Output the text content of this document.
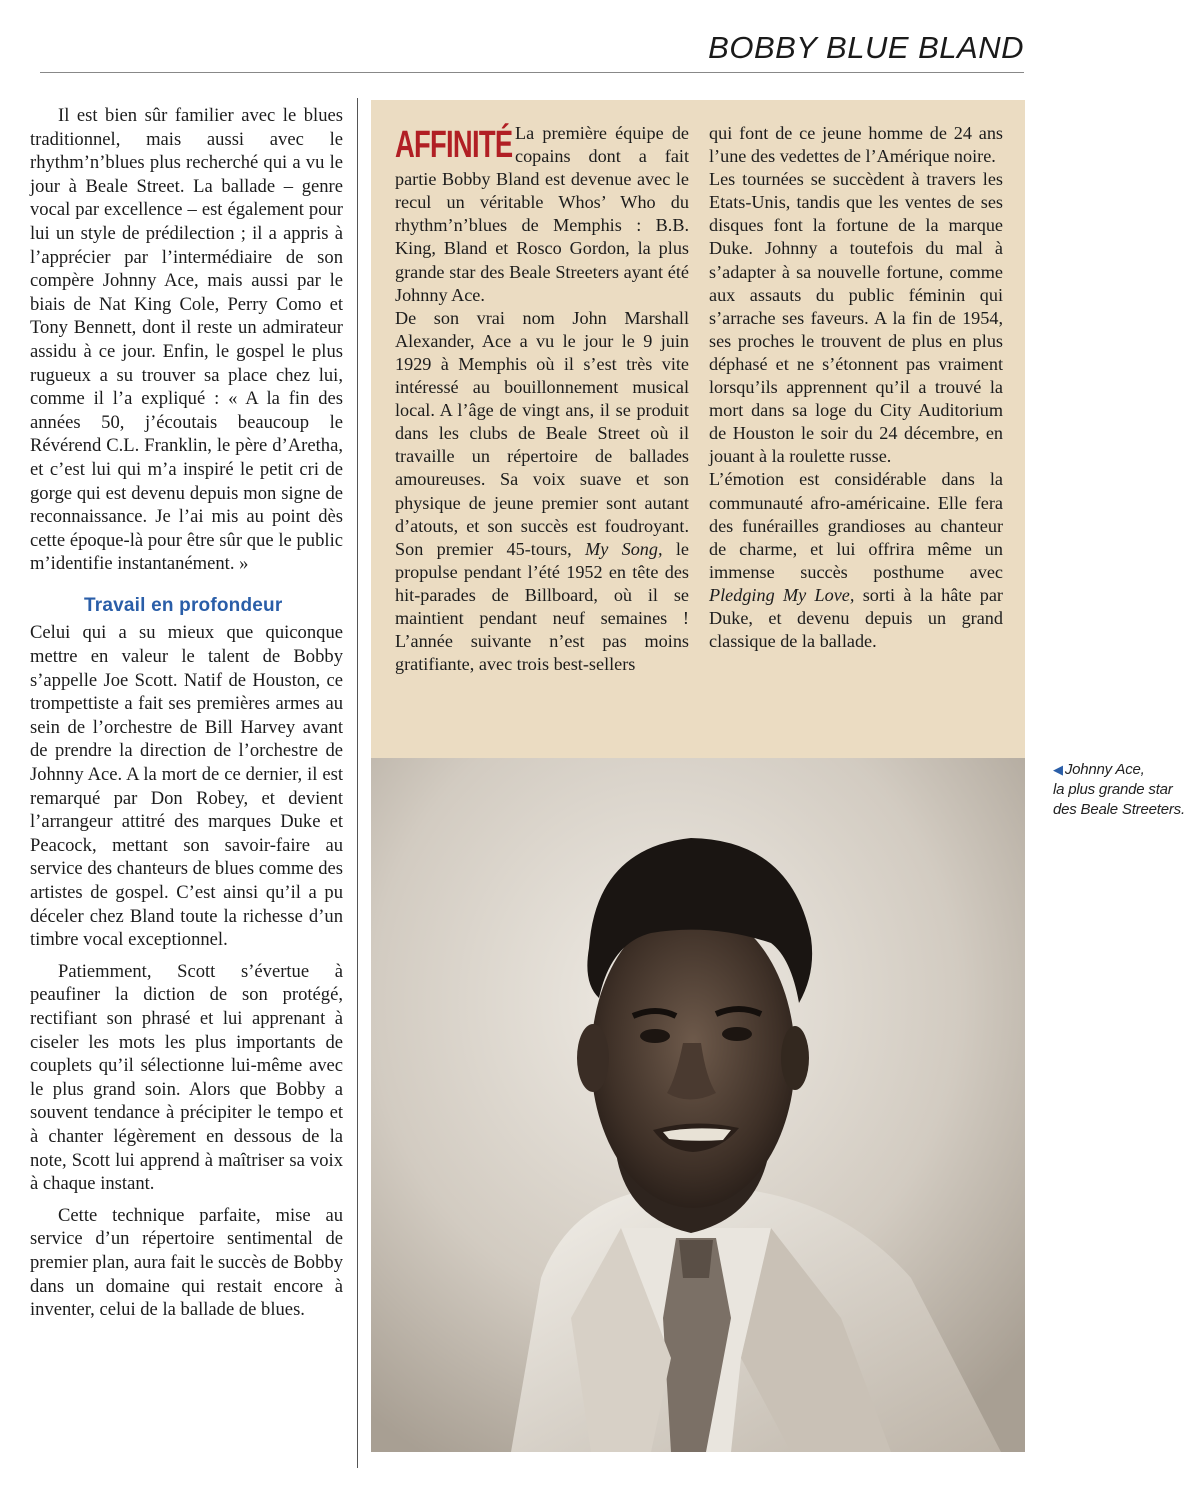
BOBBY BLUE BLAND

Il est bien sûr familier avec le blues traditionnel, mais aussi avec le rhythm’n’blues plus recherché qui a vu le jour à Beale Street. La ballade – genre vocal par excellence – est également pour lui un style de prédilection ; il a appris à l’apprécier par l’intermédiaire de son compère Johnny Ace, mais aussi par le biais de Nat King Cole, Perry Como et Tony Bennett, dont il reste un admirateur assidu à ce jour. Enfin, le gospel le plus rugueux a su trouver sa place chez lui, comme il l’a expliqué : « A la fin des années 50, j’écoutais beaucoup le Révérend C.L. Franklin, le père d’Aretha, et c’est lui qui m’a inspiré le petit cri de gorge qui est devenu depuis mon signe de reconnaissance. Je l’ai mis au point dès cette époque-là pour être sûr que le public m’identifie instantanément. »

Travail en profondeur

Celui qui a su mieux que quiconque mettre en valeur le talent de Bobby s’appelle Joe Scott. Natif de Houston, ce trompettiste a fait ses premières armes au sein de l’orchestre de Bill Harvey avant de prendre la direction de l’orchestre de Johnny Ace. A la mort de ce dernier, il est remarqué par Don Robey, et devient l’arrangeur attitré des marques Duke et Peacock, mettant son savoir-faire au service des chanteurs de blues comme des artistes de gospel. C’est ainsi qu’il a pu déceler chez Bland toute la richesse d’un timbre vocal exceptionnel.

Patiemment, Scott s’évertue à peaufiner la diction de son protégé, rectifiant son phrasé et lui apprenant à ciseler les mots les plus importants de couplets qu’il sélectionne lui-même avec le plus grand soin. Alors que Bobby a souvent tendance à précipiter le tempo et à chanter légèrement en dessous de la note, Scott lui apprend à maîtriser sa voix à chaque instant.

Cette technique parfaite, mise au service d’un répertoire sentimental de premier plan, aura fait le succès de Bobby dans un domaine qui restait encore à inventer, celui de la ballade de blues.

AFFINITÉ La première équipe de copains dont a fait partie Bobby Bland est devenue avec le recul un véritable Whos’ Who du rhythm’n’blues de Memphis : B.B. King, Bland et Rosco Gordon, la plus grande star des Beale Streeters ayant été Johnny Ace.

De son vrai nom John Marshall Alexander, Ace a vu le jour le 9 juin 1929 à Memphis où il s’est très vite intéressé au bouillonnement musical local. A l’âge de vingt ans, il se produit dans les clubs de Beale Street où il travaille un répertoire de ballades amoureuses. Sa voix suave et son physique de jeune premier sont autant d’atouts, et son succès est foudroyant. Son premier 45-tours, My Song, le propulse pendant l’été 1952 en tête des hit-parades de Billboard, où il se maintient pendant neuf semaines ! L’année suivante n’est pas moins gratifiante, avec trois best-sellers

qui font de ce jeune homme de 24 ans l’une des vedettes de l’Amérique noire.

Les tournées se succèdent à travers les Etats-Unis, tandis que les ventes de ses disques font la fortune de la marque Duke. Johnny a toutefois du mal à s’adapter à sa nouvelle fortune, comme aux assauts du public féminin qui s’arrache ses faveurs. A la fin de 1954, ses proches le trouvent de plus en plus déphasé et ne s’étonnent pas vraiment lorsqu’ils apprennent qu’il a trouvé la mort dans sa loge du City Auditorium de Houston le soir du 24 décembre, en jouant à la roulette russe.

L’émotion est considérable dans la communauté afro-américaine. Elle fera des funérailles grandioses au chanteur de charme, et lui offrira même un immense succès posthume avec Pledging My Love, sorti à la hâte par Duke, et devenu depuis un grand classique de la ballade.

◀ Johnny Ace,
la plus grande star
des Beale Streeters.
